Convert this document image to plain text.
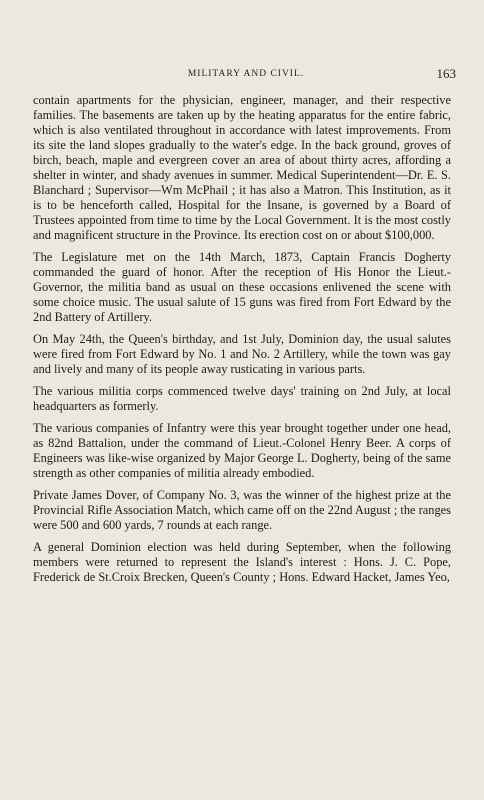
MILITARY AND CIVIL.	163

contain apartments for the physician, engineer, manager, and their respective families. The basements are taken up by the heating apparatus for the entire fabric, which is also ventilated throughout in accordance with latest improvements. From its site the land slopes gradually to the water's edge. In the back ground, groves of birch, beach, maple and evergreen cover an area of about thirty acres, affording a shelter in winter, and shady avenues in summer. Medical Superintendent—Dr. E. S. Blanchard ; Supervisor—Wm McPhail ; it has also a Matron. This Institution, as it is to be henceforth called, Hospital for the Insane, is governed by a Board of Trustees appointed from time to time by the Local Government. It is the most costly and magnificent structure in the Province. Its erection cost on or about $100,000.

The Legislature met on the 14th March, 1873, Captain Francis Dogherty commanded the guard of honor. After the reception of His Honor the Lieut.-Governor, the militia band as usual on these occasions enlivened the scene with some choice music. The usual salute of 15 guns was fired from Fort Edward by the 2nd Battery of Artillery.

On May 24th, the Queen's birthday, and 1st July, Dominion day, the usual salutes were fired from Fort Edward by No. 1 and No. 2 Artillery, while the town was gay and lively and many of its people away rusticating in various parts.

The various militia corps commenced twelve days' training on 2nd July, at local headquarters as formerly.

The various companies of Infantry were this year brought together under one head, as 82nd Battalion, under the command of Lieut.-Colonel Henry Beer. A corps of Engineers was like-wise organized by Major George L. Dogherty, being of the same strength as other companies of militia already embodied.

Private James Dover, of Company No. 3, was the winner of the highest prize at the Provincial Rifle Association Match, which came off on the 22nd August ; the ranges were 500 and 600 yards, 7 rounds at each range.

A general Dominion election was held during September, when the following members were returned to represent the Island's interest : Hons. J. C. Pope, Frederick de St.Croix Brecken, Queen's County ; Hons. Edward Hacket, James Yeo,
